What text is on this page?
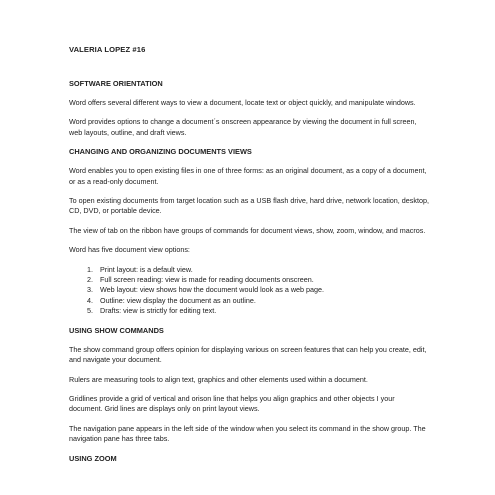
VALERIA LOPEZ #16
SOFTWARE ORIENTATION

Word offers several different ways to view a document, locate text or object quickly, and manipulate windows.

Word provides options to change a document´s onscreen appearance by viewing the document in full screen, web layouts, outline, and draft views.

CHANGING AND ORGANIZING DOCUMENTS VIEWS

Word enables you to open existing files in one of three forms: as an original document, as a copy of a document, or as a read-only document.

To open existing documents from target location such as a USB flash drive, hard drive, network location, desktop, CD, DVD, or portable device.

The view of tab on the ribbon have groups of commands for document views, show, zoom, window, and macros.

Word has five document view options:

1. Print layout: is a default view.
2. Full screen reading: view is made for reading documents onscreen.
3. Web layout: view shows how the document would look as a web page.
4. Outline: view display the document as an outline.
5. Drafts: view is strictly for editing text.
USING SHOW COMMANDS

The show command group offers opinion for displaying various on screen features that can help you create, edit, and navigate your document.

Rulers are measuring tools to align text, graphics and other elements used within a document.

Gridlines provide a grid of vertical and orison line that helps you align graphics and other objects I your document. Grid lines are displays only on print layout views.

The navigation pane appears in the left side of the window when you select its command in the show group. The navigation pane has three tabs.

USING ZOOM
